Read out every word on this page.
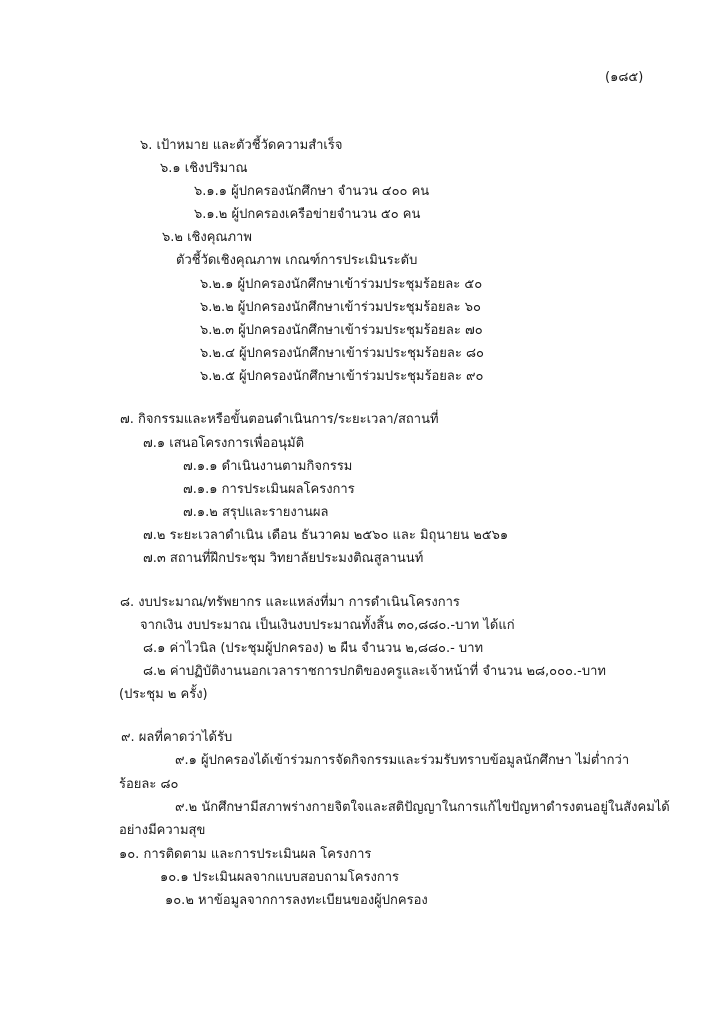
(๑๘๕)
๖. เป้าหมาย และตัวชี้วัดความสำเร็จ
๖.๑ เชิงปริมาณ
๖.๑.๑ ผู้ปกครองนักศึกษา จำนวน ๔๐๐ คน
๖.๑.๒ ผู้ปกครองเครือข่ายจำนวน ๕๐ คน
๖.๒ เชิงคุณภาพ
ตัวชี้วัดเชิงคุณภาพ เกณฑ์การประเมินระดับ
๖.๒.๑ ผู้ปกครองนักศึกษาเข้าร่วมประชุมร้อยละ ๕๐
๖.๒.๒ ผู้ปกครองนักศึกษาเข้าร่วมประชุมร้อยละ ๖๐
๖.๒.๓ ผู้ปกครองนักศึกษาเข้าร่วมประชุมร้อยละ ๗๐
๖.๒.๔ ผู้ปกครองนักศึกษาเข้าร่วมประชุมร้อยละ ๘๐
๖.๒.๕ ผู้ปกครองนักศึกษาเข้าร่วมประชุมร้อยละ ๙๐
๗. กิจกรรมและหรือขั้นตอนดำเนินการ/ระยะเวลา/สถานที่
๗.๑ เสนอโครงการเพื่ออนุมัติ
๗.๑.๑ ดำเนินงานตามกิจกรรม
๗.๑.๑ การประเมินผลโครงการ
๗.๑.๒ สรุปและรายงานผล
๗.๒ ระยะเวลาดำเนิน เดือน ธันวาคม ๒๕๖๐ และ มิถุนายน ๒๕๖๑
๗.๓ สถานที่ฝึกประชุม วิทยาลัยประมงติณสูลานนท์
๘. งบประมาณ/ทรัพยากร และแหล่งที่มา การดำเนินโครงการ
จากเงิน งบประมาณ เป็นเงินงบประมาณทั้งสิ้น ๓๐,๘๘๐.-บาท ได้แก่
๘.๑ ค่าไวนิล (ประชุมผู้ปกครอง) ๒ ผืน จำนวน ๒,๘๘๐.- บาท
๘.๒ ค่าปฏิบัติงานนอกเวลาราชการปกติของครูและเจ้าหน้าที่ จำนวน ๒๘,๐๐๐.-บาท
(ประชุม ๒ ครั้ง)
๙. ผลที่คาดว่าได้รับ
๙.๑ ผู้ปกครองได้เข้าร่วมการจัดกิจกรรมและร่วมรับทราบข้อมูลนักศึกษา ไม่ต่ำกว่า
ร้อยละ ๘๐
๙.๒ นักศึกษามีสภาพร่างกายจิตใจและสติปัญญาในการแก้ไขปัญหาดำรงตนอยู่ในสังคมได้
อย่างมีความสุข
๑๐. การติดตาม และการประเมินผล โครงการ
๑๐.๑ ประเมินผลจากแบบสอบถามโครงการ
๑๐.๒ หาข้อมูลจากการลงทะเบียนของผู้ปกครอง
